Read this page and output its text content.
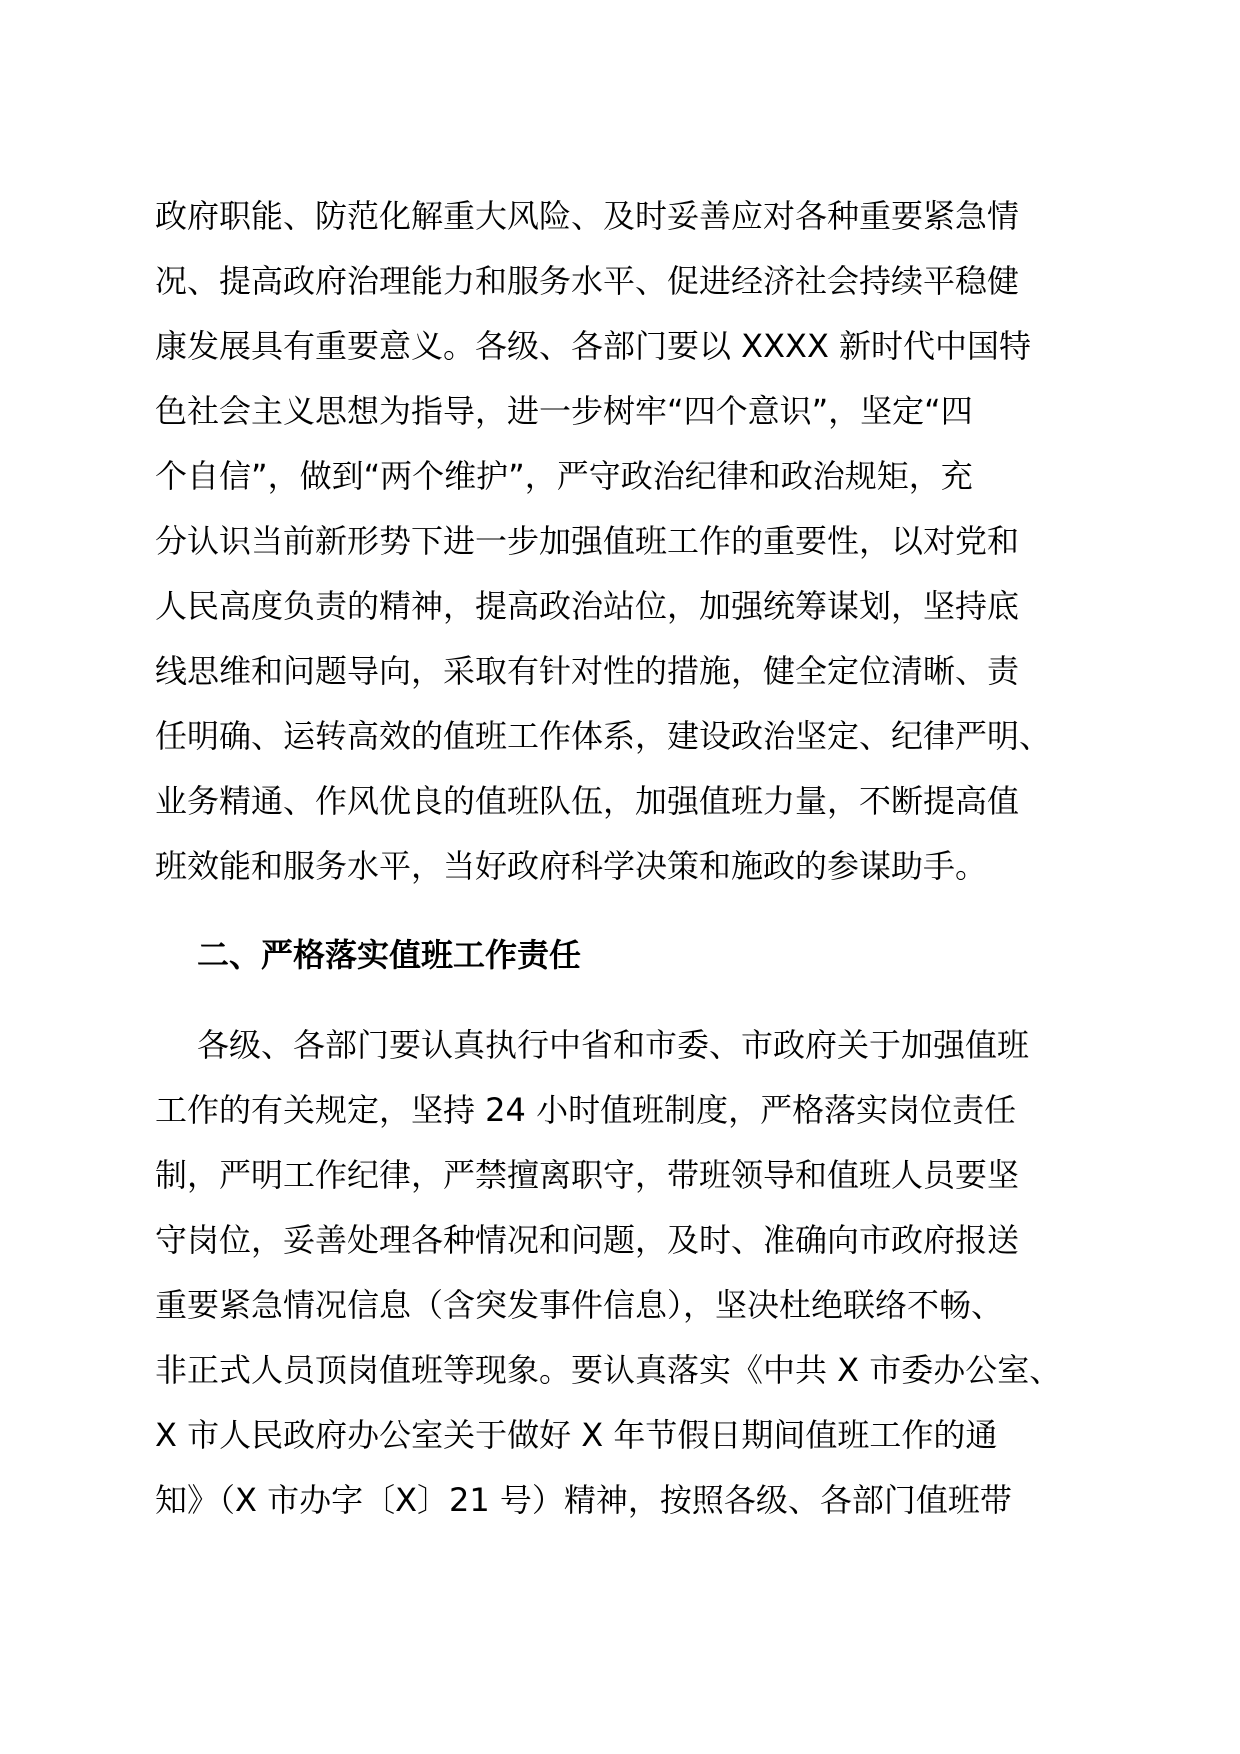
政府职能、防范化解重大风险、及时妥善应对各种重要紧急情
况、提高政府治理能力和服务水平、促进经济社会持续平稳健
康发展具有重要意义。各级、各部门要以 XXXX 新时代中国特
色社会主义思想为指导，进一步树牢“四个意识”，坚定“四
个自信”，做到“两个维护”，严守政治纪律和政治规矩，充
分认识当前新形势下进一步加强值班工作的重要性，以对党和
人民高度负责的精神，提高政治站位，加强统筹谋划，坚持底
线思维和问题导向，采取有针对性的措施，健全定位清晰、责
任明确、运转高效的值班工作体系，建设政治坚定、纪律严明、
业务精通、作风优良的值班队伍，加强值班力量，不断提高值
班效能和服务水平，当好政府科学决策和施政的参谋助手。
二、严格落实值班工作责任
各级、各部门要认真执行中省和市委、市政府关于加强值班
工作的有关规定，坚持 24 小时值班制度，严格落实岗位责任
制，严明工作纪律，严禁擅离职守，带班领导和值班人员要坚
守岗位，妥善处理各种情况和问题，及时、准确向市政府报送
重要紧急情况信息（含突发事件信息），坚决杜绝联络不畅、
非正式人员顶岗值班等现象。要认真落实《中共 X 市委办公室、
X 市人民政府办公室关于做好 X 年节假日期间值班工作的通
知》（X 市办字〔X〕21 号）精神，按照各级、各部门值班带
